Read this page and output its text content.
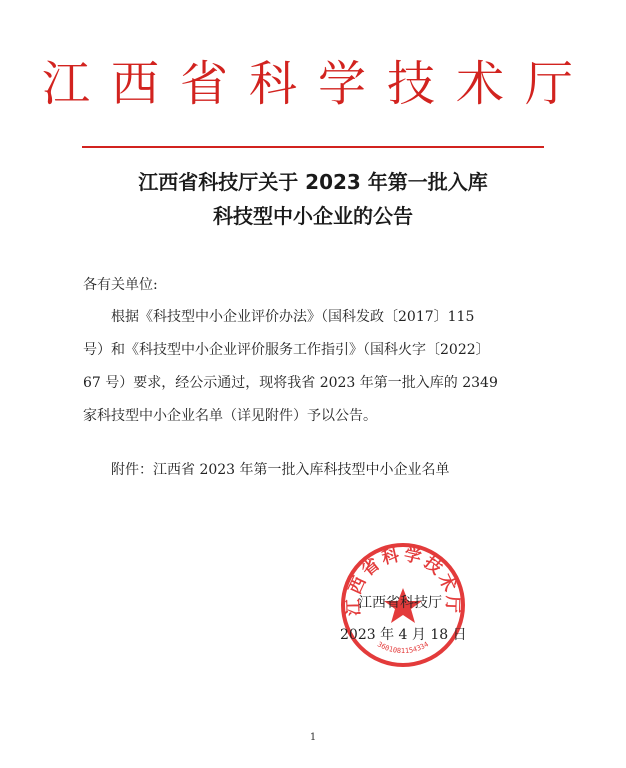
江西省科学技术厅
江西省科技厅关于 2023 年第一批入库
科技型中小企业的公告
各有关单位:
根据《科技型中小企业评价办法》（国科发政〔2017〕115
号）和《科技型中小企业评价服务工作指引》（国科火字〔2022〕
67 号）要求，经公示通过，现将我省 2023 年第一批入库的 2349
家科技型中小企业名单（详见附件）予以公告。
附件：江西省 2023 年第一批入库科技型中小企业名单
江西省科学技术厅
3601081154334
江西省科技厅
2023 年 4 月 18 日
1
